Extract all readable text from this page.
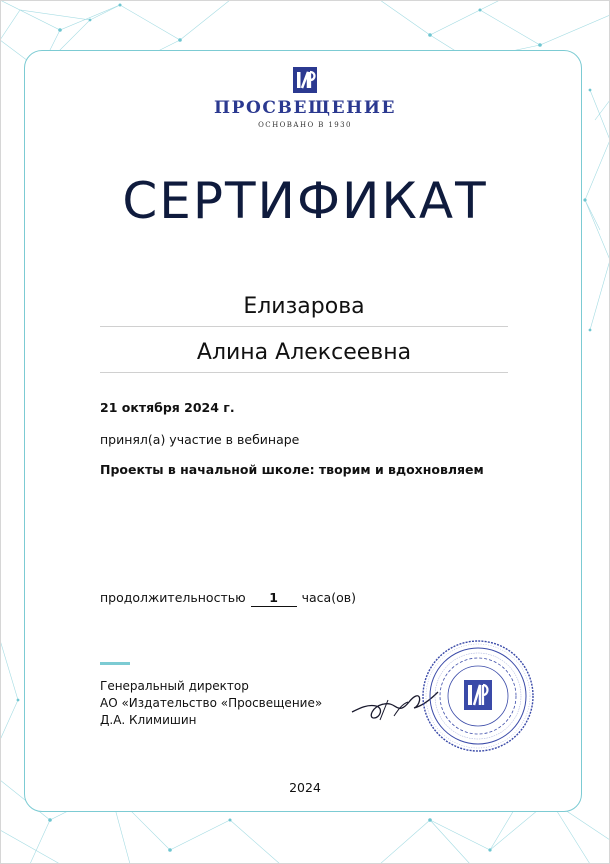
ПРОСВЕЩЕНИЕ
ОСНОВАНО В 1930
СЕРТИФИКАТ
Елизарова
Алина Алексеевна
21 октября 2024 г.
принял(а) участие в вебинаре
Проекты в начальной школе: творим и вдохновляем
продолжительностью 1 часа(ов)
Генеральный директор
АО «Издательство «Просвещение»
Д.А. Климишин
2024
